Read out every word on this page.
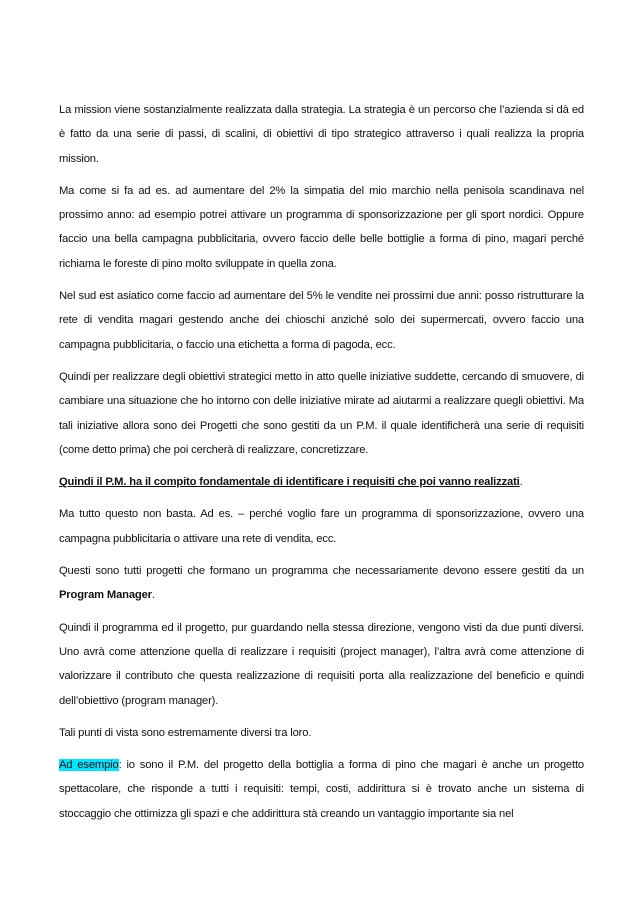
La mission viene sostanzialmente realizzata dalla strategia. La strategia è un percorso che l’azienda si dà ed è fatto da una serie di passi, di scalini, di obiettivi di tipo strategico attraverso i quali realizza la propria mission.

Ma come si fa ad es. ad aumentare del 2% la simpatia del mio marchio nella penisola scandinava nel prossimo anno: ad esempio potrei attivare un programma di sponsorizzazione per gli sport nordici. Oppure faccio una bella campagna pubblicitaria, ovvero faccio delle belle bottiglie a forma di pino, magari perché richiama le foreste di pino molto sviluppate in quella zona.

Nel sud est asiatico come faccio ad aumentare del 5% le vendite nei prossimi due anni: posso ristrutturare la rete di vendita magari gestendo anche dei chioschi anziché solo dei supermercati, ovvero faccio una campagna pubblicitaria, o faccio una etichetta a forma di pagoda, ecc.

Quindi per realizzare degli obiettivi strategici metto in atto quelle iniziative suddette, cercando di smuovere, di cambiare una situazione che ho intorno con delle iniziative mirate ad aiutarmi a realizzare quegli obiettivi. Ma tali iniziative allora sono dei Progetti che sono gestiti da un P.M. il quale identificherà una serie di requisiti (come detto prima) che poi cercherà di realizzare, concretizzare.

Quindi il P.M. ha il compito fondamentale di identificare i requisiti che poi vanno realizzati.

Ma tutto questo non basta. Ad es. – perché voglio fare un programma di sponsorizzazione, ovvero una campagna pubblicitaria o attivare una rete di vendita, ecc.

Questi sono tutti progetti che formano un programma che necessariamente devono essere gestiti da un Program Manager.

Quindi il programma ed il progetto, pur guardando nella stessa direzione, vengono visti da due punti diversi. Uno avrà come attenzione quella di realizzare i requisiti (project manager), l’altra avrà come attenzione di valorizzare il contributo che questa realizzazione di requisiti porta alla realizzazione del beneficio e quindi dell’obiettivo (program manager).

Tali punti di vista sono estremamente diversi tra loro.

Ad esempio: io sono il P.M. del progetto della bottiglia a forma di pino che magari è anche un progetto spettacolare, che risponde a tutti i requisiti: tempi, costi, addirittura si è trovato anche un sistema di stoccaggio che ottimizza gli spazi e che addirittura stà creando un vantaggio importante sia nel
